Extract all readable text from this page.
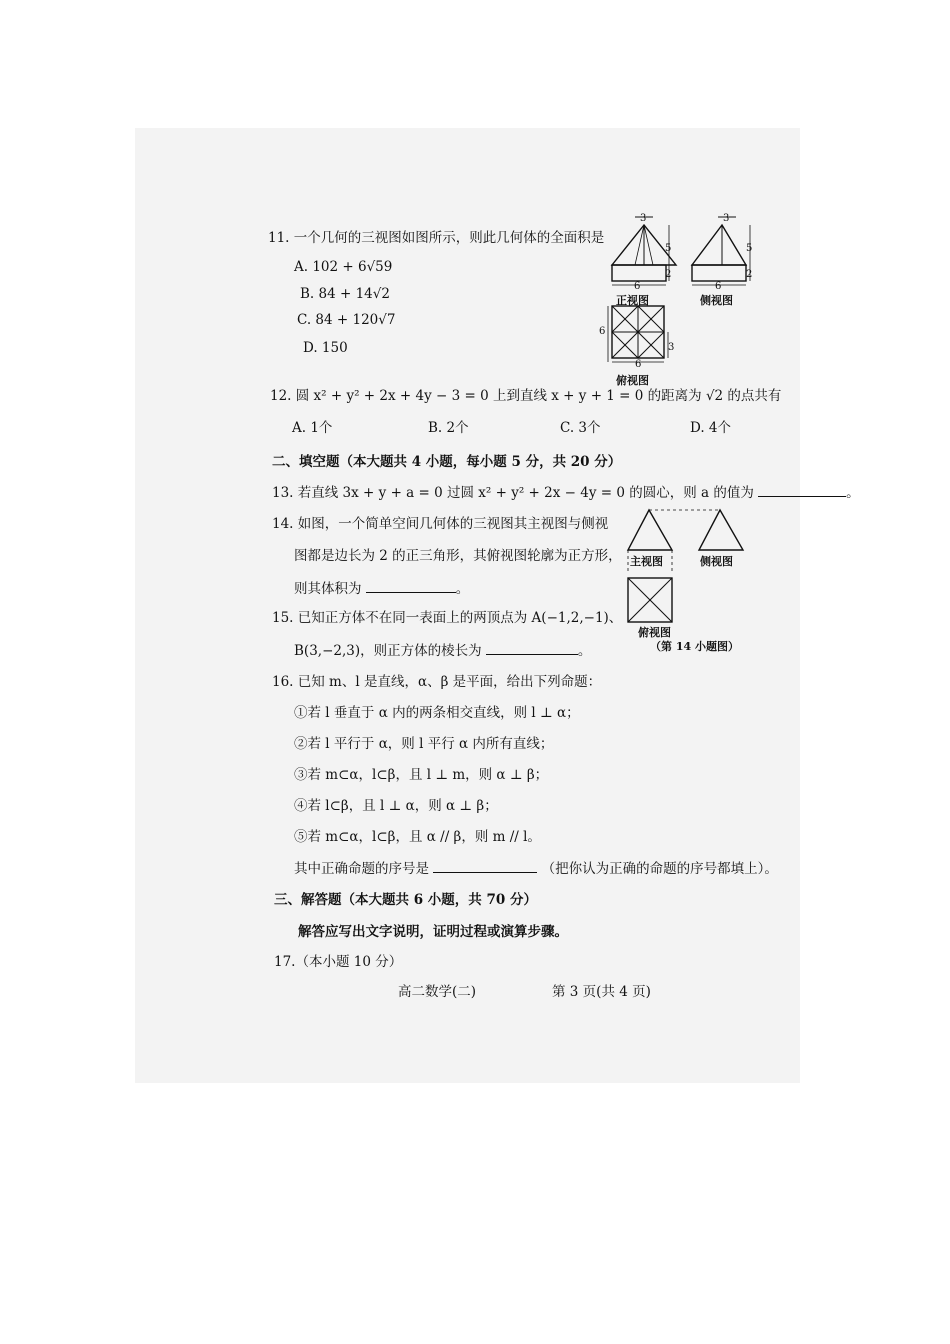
11. 一个几何的三视图如图所示，则此几何体的全面积是
A. 102 + 6√59
B. 84 + 14√2
C. 84 + 120√7
D. 150
3
5
2
6
正视图
3
5
2
6
侧视图
6
3
6
俯视图
12. 圆 x² + y² + 2x + 4y − 3 = 0 上到直线 x + y + 1 = 0 的距离为 √2 的点共有
A. 1个	B. 2个	C. 3个	D. 4个
二、填空题（本大题共 4 小题，每小题 5 分，共 20 分）
13. 若直线 3x + y + a = 0 过圆 x² + y² + 2x − 4y = 0 的圆心，则 a 的值为	。
14. 如图，一个简单空间几何体的三视图其主视图与侧视
图都是边长为 2 的正三角形，其俯视图轮廓为正方形，
则其体积为	。
主视图	侧视图
俯视图
（第 14 小题图）
15. 已知正方体不在同一表面上的两顶点为 A(−1,2,−1)、
B(3,−2,3)，则正方体的棱长为	。
16. 已知 m、l 是直线，α、β 是平面，给出下列命题：
①若 l 垂直于 α 内的两条相交直线，则 l ⊥ α；
②若 l 平行于 α，则 l 平行 α 内所有直线；
③若 m⊂α，l⊂β，且 l ⊥ m，则 α ⊥ β；
④若 l⊂β，且 l ⊥ α，则 α ⊥ β；
⑤若 m⊂α，l⊂β，且 α // β，则 m // l。
其中正确命题的序号是	（把你认为正确的命题的序号都填上）。
三、解答题（本大题共 6 小题，共 70 分）
解答应写出文字说明，证明过程或演算步骤。
17.（本小题 10 分）
高二数学(二)	第 3 页(共 4 页)
